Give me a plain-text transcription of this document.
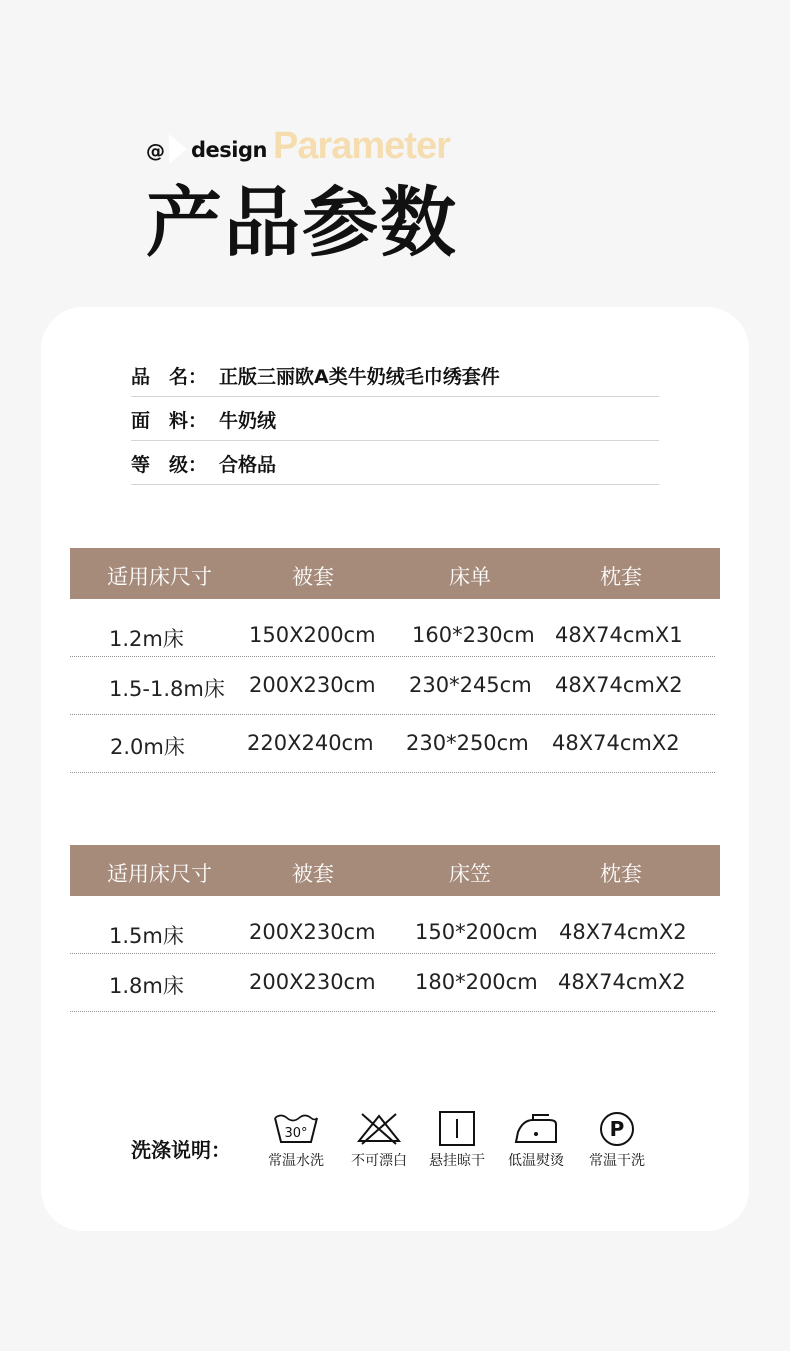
@ design Parameter
产品参数
品　名： 正版三丽欧A类牛奶绒毛巾绣套件
面　料： 牛奶绒
等　级： 合格品
适用床尺寸	被套	床单	枕套
1.2m床	150X200cm 160*230cm 48X74cmX1
1.5-1.8m床 200X230cm 230*245cm 48X74cmX2
2.0m床	220X240cm 230*250cm 48X74cmX2
适用床尺寸	被套	床笠	枕套
1.5m床	200X230cm 150*200cm 48X74cmX2
1.8m床	200X230cm 180*200cm 48X74cmX2
洗涤说明：
30°
常温水洗	不可漂白	悬挂晾干	低温熨烫
P
常温干洗
